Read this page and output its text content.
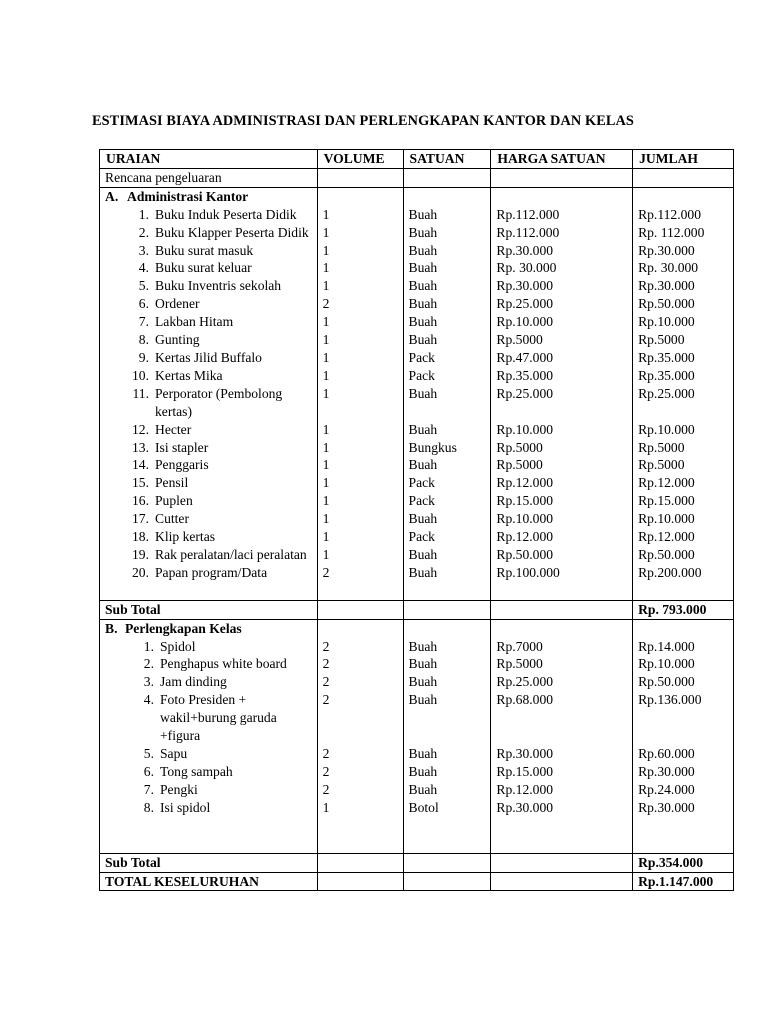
ESTIMASI BIAYA ADMINISTRASI DAN PERLENGKAPAN KANTOR DAN KELAS
URAIAN	VOLUME	SATUAN	HARGA SATUAN	JUMLAH
Rencana pengeluaran				
A. Administrasi Kantor				

1. Buku Induk Peserta Didik	1	Buah	Rp.112.000	Rp.112.000

2. Buku Klapper Peserta Didik	1	Buah	Rp.112.000	Rp. 112.000

3. Buku surat masuk	1	Buah	Rp.30.000	Rp.30.000

4. Buku surat keluar	1	Buah	Rp. 30.000	Rp. 30.000

5. Buku Inventris sekolah	1	Buah	Rp.30.000	Rp.30.000

6. Ordener	2	Buah	Rp.25.000	Rp.50.000

7. Lakban Hitam	1	Buah	Rp.10.000	Rp.10.000

8. Gunting	1	Buah	Rp.5000	Rp.5000

9. Kertas Jilid Buffalo	1	Pack	Rp.47.000	Rp.35.000

10. Kertas Mika	1	Pack	Rp.35.000	Rp.35.000

11. Perporator (Pembolong kertas)	1	Buah	Rp.25.000	Rp.25.000

12. Hecter	1	Buah	Rp.10.000	Rp.10.000

13. Isi stapler	1	Bungkus	Rp.5000	Rp.5000

14. Penggaris	1	Buah	Rp.5000	Rp.5000

15. Pensil	1	Pack	Rp.12.000	Rp.12.000

16. Puplen	1	Pack	Rp.15.000	Rp.15.000

17. Cutter	1	Buah	Rp.10.000	Rp.10.000

18. Klip kertas	1	Pack	Rp.12.000	Rp.12.000

19. Rak peralatan/laci peralatan	1	Buah	Rp.50.000	Rp.50.000

20. Papan program/Data	2	Buah	Rp.100.000	Rp.200.000

Sub Total				Rp. 793.000
B. Perlengkapan Kelas				

1. Spidol	2	Buah	Rp.7000	Rp.14.000

2. Penghapus white board	2	Buah	Rp.5000	Rp.10.000

3. Jam dinding	2	Buah	Rp.25.000	Rp.50.000

4. Foto Presiden + wakil+burung garuda +figura	2	Buah	Rp.68.000	Rp.136.000

5. Sapu	2	Buah	Rp.30.000	Rp.60.000

6. Tong sampah	2	Buah	Rp.15.000	Rp.30.000

7. Pengki	2	Buah	Rp.12.000	Rp.24.000

8. Isi spidol	1	Botol	Rp.30.000	Rp.30.000

Sub Total				Rp.354.000
TOTAL KESELURUHAN				Rp.1.147.000
